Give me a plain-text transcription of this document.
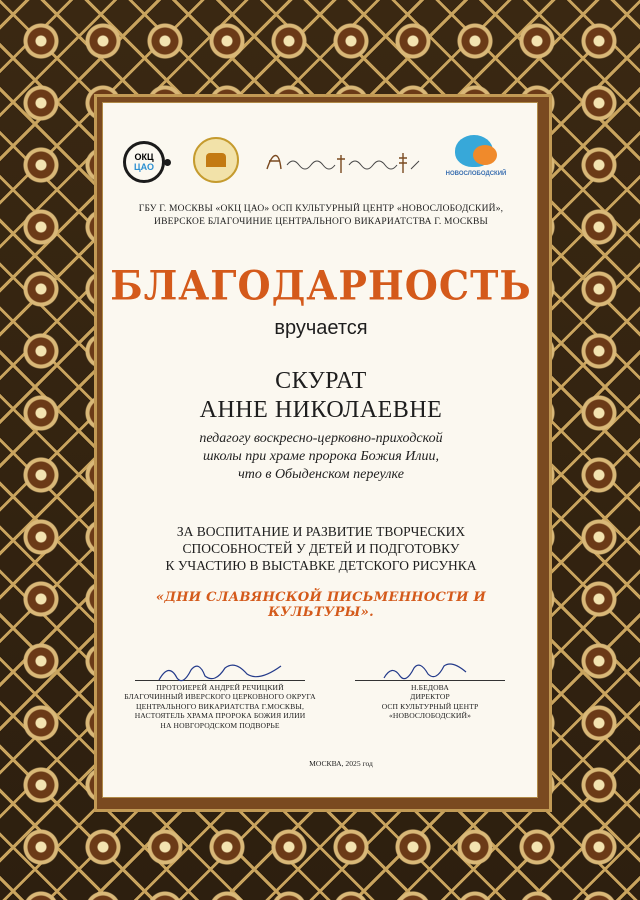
ОКЦ
ЦАО
НОВОСЛОБОДСКИЙ
ГБУ Г. МОСКВЫ «ОКЦ ЦАО» ОСП КУЛЬТУРНЫЙ ЦЕНТР «НОВОСЛОБОДСКИЙ»,
ИВЕРСКОЕ БЛАГОЧИНИЕ ЦЕНТРАЛЬНОГО ВИКАРИАТСТВА Г. МОСКВЫ
БЛАГОДАРНОСТЬ
вручается
СКУРАТ
АННЕ НИКОЛАЕВНЕ
педагогу воскресно-церковно-приходской
школы при храме пророка Божия Илии,
что в Обыденском переулке
ЗА ВОСПИТАНИЕ И РАЗВИТИЕ ТВОРЧЕСКИХ
СПОСОБНОСТЕЙ У ДЕТЕЙ И ПОДГОТОВКУ
К УЧАСТИЮ В ВЫСТАВКЕ ДЕТСКОГО РИСУНКА
«ДНИ СЛАВЯНСКОЙ ПИСЬМЕННОСТИ И КУЛЬТУРЫ».
ПРОТОИЕРЕЙ АНДРЕЙ РЕЧИЦКИЙ
БЛАГОЧИННЫЙ ИВЕРСКОГО ЦЕРКОВНОГО ОКРУГА
ЦЕНТРАЛЬНОГО ВИКАРИАТСТВА Г.МОСКВЫ,
НАСТОЯТЕЛЬ ХРАМА ПРОРОКА БОЖИЯ ИЛИИ
НА НОВГОРОДСКОМ ПОДВОРЬЕ
Н.БЕДОВА
ДИРЕКТОР
ОСП КУЛЬТУРНЫЙ ЦЕНТР
«НОВОСЛОБОДСКИЙ»
МОСКВА, 2025 год
